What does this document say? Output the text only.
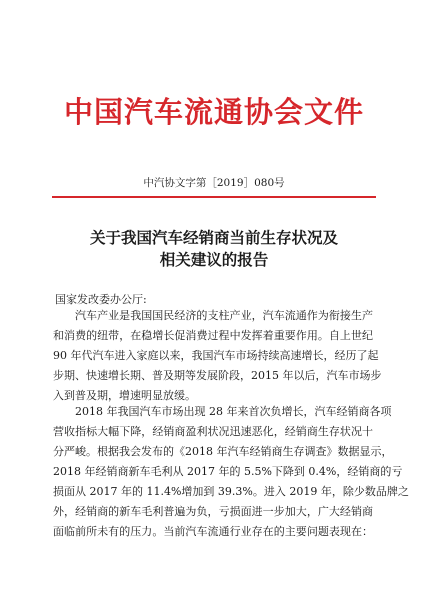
中国汽车流通协会文件
中汽协文字第［2019］080号
关于我国汽车经销商当前生存状况及
相关建议的报告
国家发改委办公厅:
汽车产业是我国国民经济的支柱产业，汽车流通作为衔接生产
和消费的纽带，在稳增长促消费过程中发挥着重要作用。自上世纪
90 年代汽车进入家庭以来，我国汽车市场持续高速增长，经历了起
步期、快速增长期、普及期等发展阶段，2015 年以后，汽车市场步
入到普及期，增速明显放缓。
2018 年我国汽车市场出现 28 年来首次负增长，汽车经销商各项
营收指标大幅下降，经销商盈利状况迅速恶化，经销商生存状况十
分严峻。根据我会发布的《2018 年汽车经销商生存调查》数据显示，
2018 年经销商新车毛利从 2017 年的 5.5%下降到 0.4%，经销商的亏
损面从 2017 年的 11.4%增加到 39.3%。进入 2019 年，除少数品牌之
外，经销商的新车毛利普遍为负，亏损面进一步加大，广大经销商
面临前所未有的压力。当前汽车流通行业存在的主要问题表现在：
